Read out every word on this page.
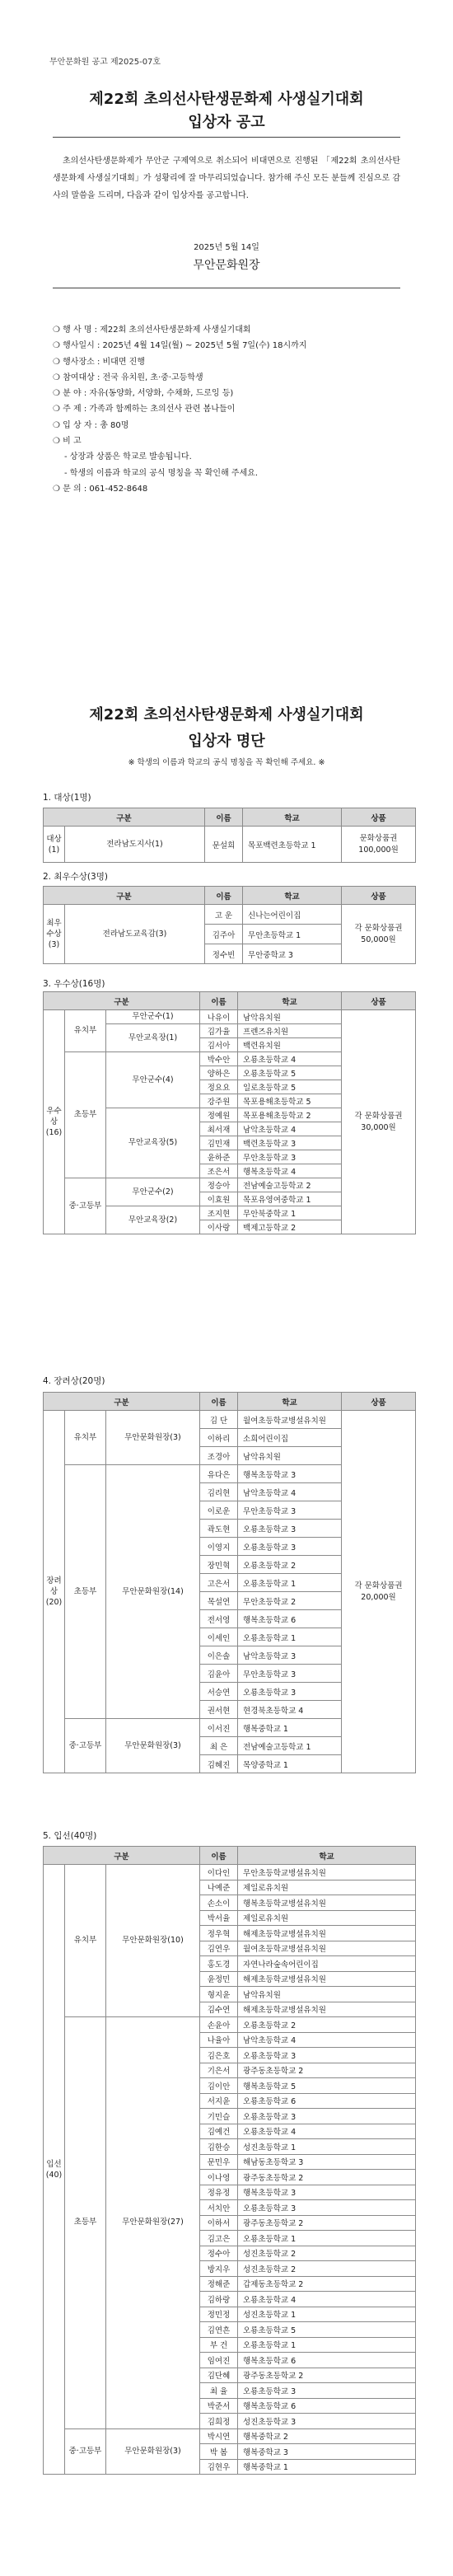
무안문화원 공고 제2025-07호
제22회 초의선사탄생문화제 사생실기대회
입상자 공고
초의선사탄생문화제가 무안군 구제역으로 취소되어 비대면으로 진행된 「제22회 초의선사탄생문화제 사생실기대회」가 성황리에 잘 마무리되었습니다. 참가해 주신 모든 분들께 진심으로 감사의 말씀을 드리며, 다음과 같이 입상자를 공고합니다.
2025년 5월 14일
무안문화원장
❍ 행 사 명 : 제22회 초의선사탄생문화제 사생실기대회
❍ 행사일시 : 2025년 4월 14일(월) ~ 2025년 5월 7일(수) 18시까지
❍ 행사장소 : 비대면 진행
❍ 참여대상 : 전국 유치원, 초·중·고등학생
❍ 분 야 : 자유(동양화, 서양화, 수채화, 드로잉 등)
❍ 주 제 : 가족과 함께하는 초의선사 관련 봄나들이
❍ 입 상 자 : 총 80명
❍ 비 고
- 상장과 상품은 학교로 발송됩니다.
- 학생의 이름과 학교의 공식 명칭을 꼭 확인해 주세요.
❍ 문 의 : 061-452-8648
제22회 초의선사탄생문화제 사생실기대회
입상자 명단
※ 학생의 이름과 학교의 공식 명칭을 꼭 확인해 주세요. ※
1. 대상(1명)
구분		이름	학교	상품
대상 (1)	전라남도지사(1)	문설희	목포백련초등학교 1	문화상품권 100,000원
2. 최우수상(3명)
구분		이름	학교	상품
최우수상 (3)	전라남도교육감(3)	고 운	신나는어린이집	각 문화상품권 50,000원
		김주아	무안초등학교 1	
		정수빈	무안중학교 3	
3. 우수상(16명)
구분			이름	학교	상품
우수상 (16)	유치부	무안군수(1)	나유이	남악유치원	각 문화상품권 30,000원
		무안교육장(1)	김가율	프렌즈유치원	
			김서아	백련유치원	
	초등부	무안군수(4)	박수안	오룡초등학교 4	
			양하은	오룡초등학교 5	
			정요요	일로초등학교 5	
			강주원	목포용해초등학교 5	
		무안교육장(5)	정예원	목포용해초등학교 2	
			최서재	남악초등학교 4	
			김민재	백련초등학교 3	
			윤하준	무안초등학교 3	
			조은서	행복초등학교 4	
	중·고등부	무안군수(2)	정승아	전남예술고등학교 2	
			이효원	목포유영여중학교 1	
		무안교육장(2)	조지현	무안북중학교 1	
			이사랑	백제고등학교 2	
4. 장려상(20명)
구분			이름	학교	상품
장려상 (20)	유치부	무안문화원장(3)	김 단	월여초등학교병설유치원	각 문화상품권 20,000원
			이하리	소희어린이집	
			조경아	남악유치원	
	초등부	무안문화원장(14)	유다은	행복초등학교 3	
			김리현	남악초등학교 4	
			이로운	무안초등학교 3	
			곽도현	오룡초등학교 3	
			이영지	오룡초등학교 3	
			장민혁	오룡초등학교 2	
			고은서	오룡초등학교 1	
			목설연	무안초등학교 2	
			전서영	행복초등학교 6	
			이세인	오룡초등학교 1	
			이은솔	남악초등학교 3	
			김윤아	무안초등학교 3	
			서승연	오룡초등학교 3	
			권서현	현경북초등학교 4	
	중·고등부	무안문화원장(3)	이서진	행복중학교 1	
			최 은	전남예술고등학교 1	
			김혜진	목양중학교 1	
5. 입선(40명)
구분			이름	학교
입선 (40)	유치부	무안문화원장(10)	이다인	무안초등학교병설유치원
			나예준	제일로유치원
			손소이	행복초등학교병설유치원
			박서율	제일로유치원
			정우혁	해제초등학교병설유치원
			김연우	월여초등학교병설유치원
			홍도경	자연나라숲속어린이집
			윤정민	해제초등학교병설유치원
			형지윤	남악유치원
			김수연	해제초등학교병설유치원
	초등부	무안문화원장(27)	손윤아	오룡초등학교 2
			나율아	남악초등학교 4
			김은호	오룡초등학교 3
			기은서	광주동초등학교 2
			김이안	행복초등학교 5
			서지윤	오룡초등학교 6
			기민슬	오룡초등학교 3
			김예건	오룡초등학교 4
			김한승	성진초등학교 1
			문민우	해남동초등학교 3
			이나영	광주동초등학교 2
			정유정	행복초등학교 3
			서치안	오룡초등학교 3
			이하서	광주동초등학교 2
			김고은	오룡초등학교 1
			정수아	성진초등학교 2
			방지우	성진초등학교 2
			정해준	갑제동초등학교 2
			김하랑	오룡초등학교 4
			정민정	성진초등학교 1
			김연흔	오룡초등학교 5
			부 건	오룡초등학교 1
			임여진	행복초등학교 6
			김단혜	광주동초등학교 2
			최 율	오룡초등학교 3
			박준서	행복초등학교 6
			김희정	성진초등학교 3
	중·고등부	무안문화원장(3)	박시연	행복중학교 2
			박 봄	행복중학교 3
			김현우	행복중학교 1
